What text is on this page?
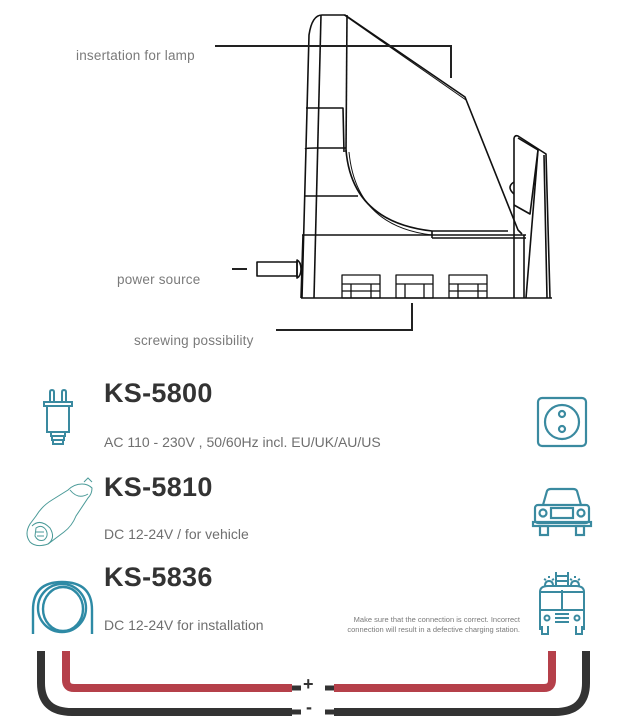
insertation for lamp
power source
screwing possibility
KS-5800
AC 110 - 230V , 50/60Hz incl. EU/UK/AU/US
KS-5810
DC 12-24V / for vehicle
KS-5836
DC 12-24V for installation	Make sure that the connection is correct. Incorrect
connection will result in a defective charging station.
+
-
